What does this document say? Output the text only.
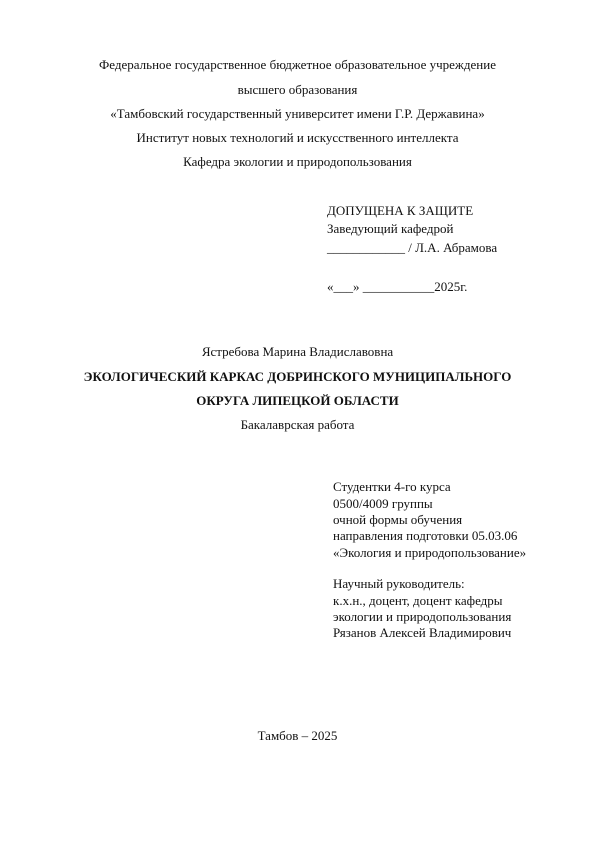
Федеральное государственное бюджетное образовательное учреждение
высшего образования
«Тамбовский государственный университет имени Г.Р. Державина»
Институт новых технологий и искусственного интеллекта
Кафедра экологии и природопользования
ДОПУЩЕНА К ЗАЩИТЕ
Заведующий кафедрой
____________ / Л.А. Абрамова
«___» ___________2025г.
Ястребова Марина Владиславовна
ЭКОЛОГИЧЕСКИЙ КАРКАС ДОБРИНСКОГО МУНИЦИПАЛЬНОГО
ОКРУГА ЛИПЕЦКОЙ ОБЛАСТИ
Бакалаврская работа
Студентки 4-го курса
0500/4009 группы
очной формы обучения
направления подготовки 05.03.06
«Экология и природопользование»
Научный руководитель:
к.х.н., доцент, доцент кафедры
экологии и природопользования
Рязанов Алексей Владимирович
Тамбов – 2025
